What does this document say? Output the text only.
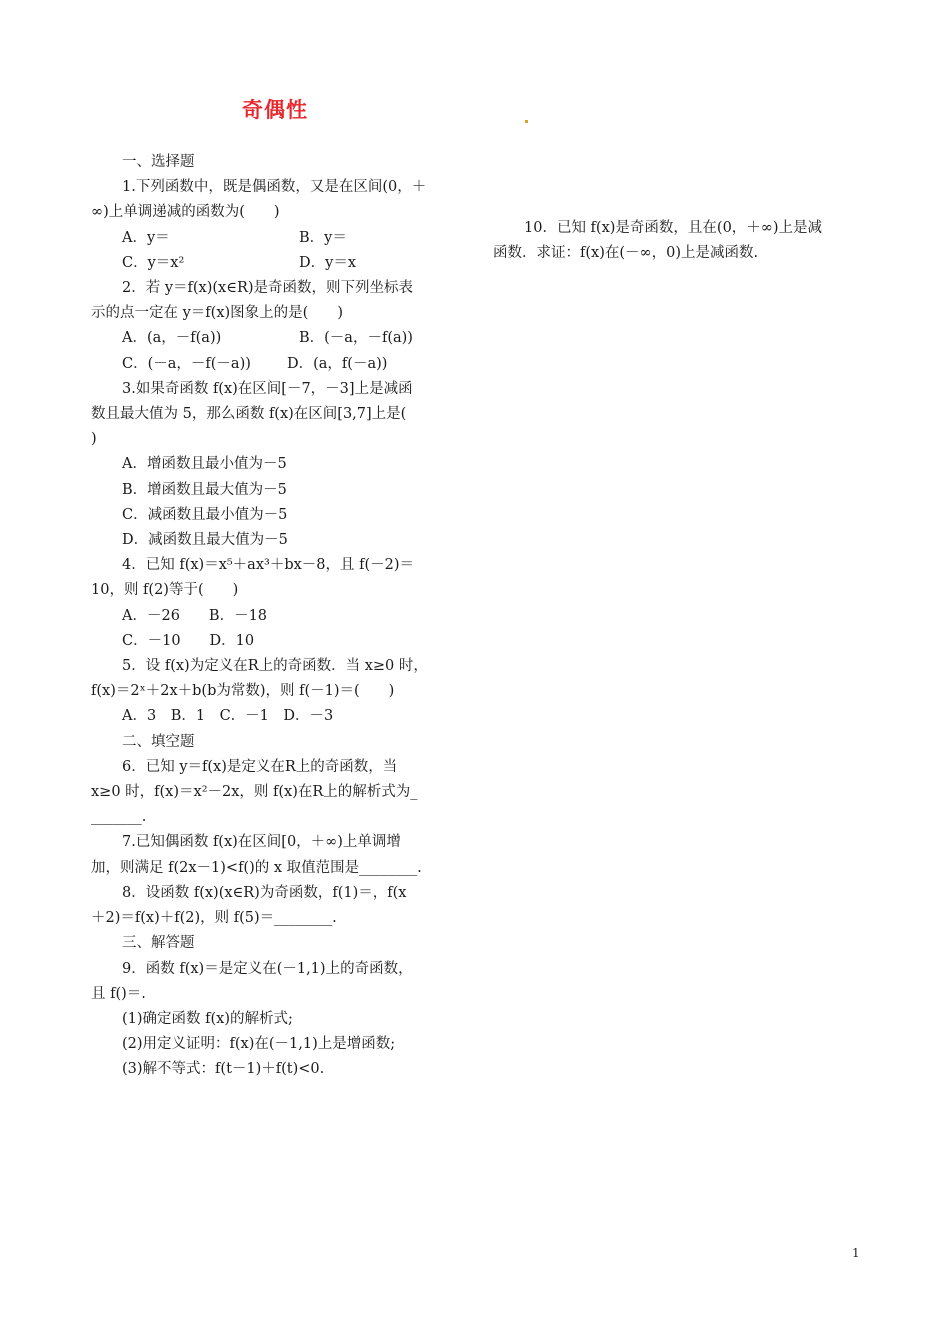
奇偶性
一、选择题
1.下列函数中，既是偶函数，又是在区间(0，＋
∞)上单调递减的函数为(　　)
A．y＝	B．y＝
C．y＝x²	D．y＝x
2．若 y＝f(x)(x∈R)是奇函数，则下列坐标表
示的点一定在 y＝f(x)图象上的是(　　)
A．(a，－f(a))	B．(－a，－f(a))
C．(－a，－f(－a)) D．(a，f(－a))
3.如果奇函数 f(x)在区间[－7，－3]上是减函
数且最大值为 5，那么函数 f(x)在区间[3,7]上是(
)
A．增函数且最小值为－5
B．增函数且最大值为－5
C．减函数且最小值为－5
D．减函数且最大值为－5
4．已知 f(x)＝x⁵＋ax³＋bx－8，且 f(－2)＝
10，则 f(2)等于(　　)
A．－26　　B．－18
C．－10　　D．10
5．设 f(x)为定义在R上的奇函数．当 x≥0 时，
f(x)＝2ˣ＋2x＋b(b为常数)，则 f(－1)＝(　　)
A．3　B．1　C．－1　D．－3
二、填空题
6．已知 y＝f(x)是定义在R上的奇函数，当
x≥0 时，f(x)＝x²－2x，则 f(x)在R上的解析式为_
_______.
7.已知偶函数 f(x)在区间[0，＋∞)上单调增
加，则满足 f(2x－1)<f()的 x 取值范围是________.
8．设函数 f(x)(x∈R)为奇函数，f(1)＝，f(x
＋2)＝f(x)＋f(2)，则 f(5)＝________.
三、解答题
9．函数 f(x)＝是定义在(－1,1)上的奇函数，
且 f()＝.
(1)确定函数 f(x)的解析式;
(2)用定义证明：f(x)在(－1,1)上是增函数;
(3)解不等式：f(t－1)＋f(t)<0.
10．已知 f(x)是奇函数，且在(0，＋∞)上是减
函数．求证：f(x)在(－∞，0)上是减函数.
1
